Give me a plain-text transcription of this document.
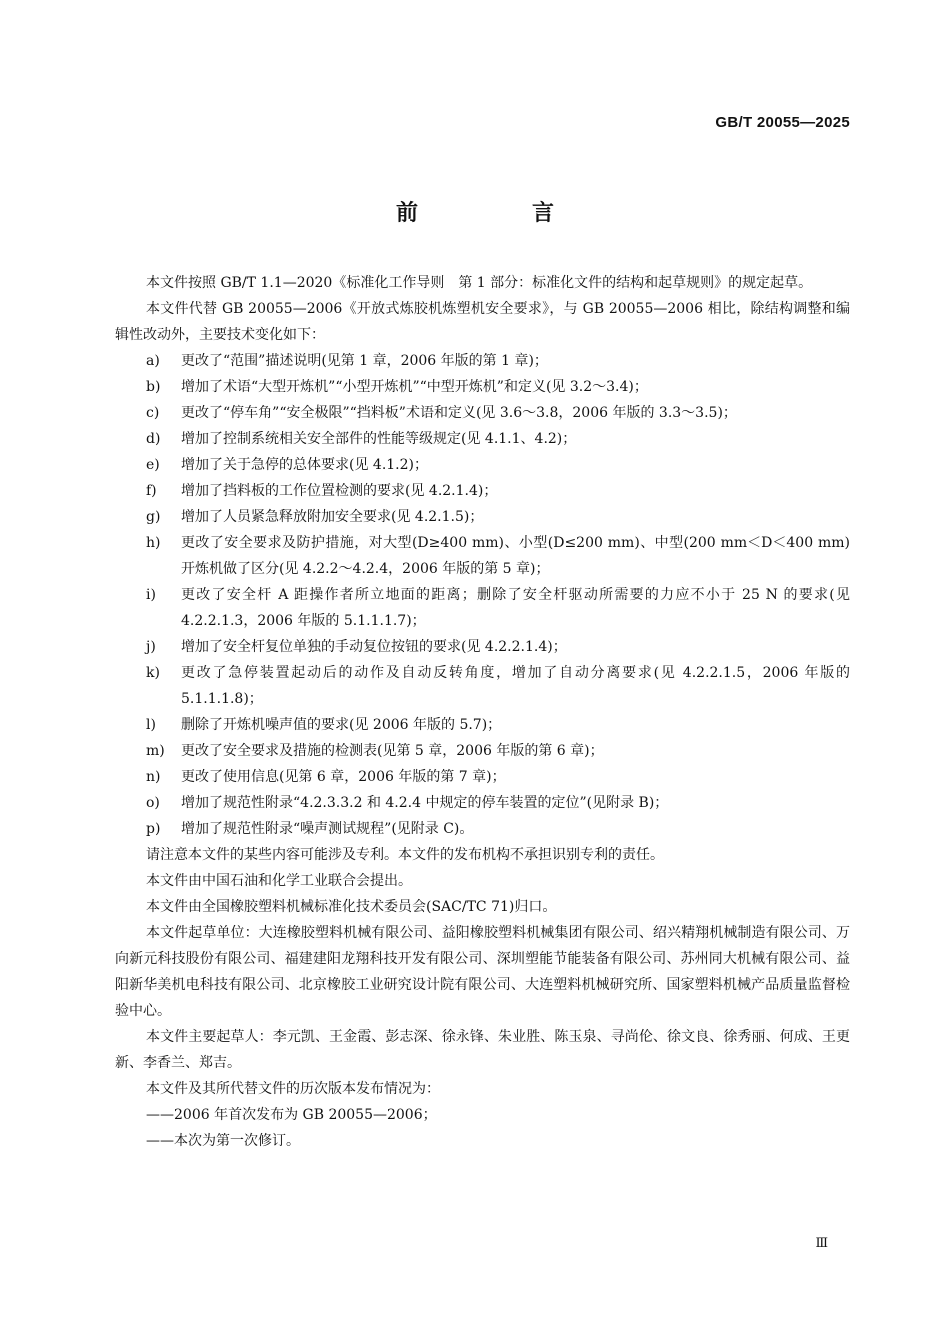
GB/T 20055—2025
前　言

本文件按照 GB/T 1.1—2020《标准化工作导则　第 1 部分：标准化文件的结构和起草规则》的规定起草。

本文件代替 GB 20055—2006《开放式炼胶机炼塑机安全要求》，与 GB 20055—2006 相比，除结构调整和编辑性改动外，主要技术变化如下：

a) 更改了“范围”描述说明(见第 1 章，2006 年版的第 1 章)；

b) 增加了术语“大型开炼机”“小型开炼机”“中型开炼机”和定义(见 3.2～3.4)；

c) 更改了“停车角”“安全极限”“挡料板”术语和定义(见 3.6～3.8，2006 年版的 3.3～3.5)；

d) 增加了控制系统相关安全部件的性能等级规定(见 4.1.1、4.2)；

e) 增加了关于急停的总体要求(见 4.1.2)；

f) 增加了挡料板的工作位置检测的要求(见 4.2.1.4)；

g) 增加了人员紧急释放附加安全要求(见 4.2.1.5)；

h) 更改了安全要求及防护措施，对大型(D≥400 mm)、小型(D≤200 mm)、中型(200 mm＜D＜400 mm)开炼机做了区分(见 4.2.2～4.2.4，2006 年版的第 5 章)；

i) 更改了安全杆 A 距操作者所立地面的距离；删除了安全杆驱动所需要的力应不小于 25 N 的要求(见 4.2.2.1.3，2006 年版的 5.1.1.1.7)；

j) 增加了安全杆复位单独的手动复位按钮的要求(见 4.2.2.1.4)；

k) 更改了急停装置起动后的动作及自动反转角度，增加了自动分离要求(见 4.2.2.1.5，2006 年版的 5.1.1.1.8)；

l) 删除了开炼机噪声值的要求(见 2006 年版的 5.7)；

m) 更改了安全要求及措施的检测表(见第 5 章，2006 年版的第 6 章)；

n) 更改了使用信息(见第 6 章，2006 年版的第 7 章)；

o) 增加了规范性附录“4.2.3.3.2 和 4.2.4 中规定的停车装置的定位”(见附录 B)；

p) 增加了规范性附录“噪声测试规程”(见附录 C)。

请注意本文件的某些内容可能涉及专利。本文件的发布机构不承担识别专利的责任。

本文件由中国石油和化学工业联合会提出。

本文件由全国橡胶塑料机械标准化技术委员会(SAC/TC 71)归口。

本文件起草单位：大连橡胶塑料机械有限公司、益阳橡胶塑料机械集团有限公司、绍兴精翔机械制造有限公司、万向新元科技股份有限公司、福建建阳龙翔科技开发有限公司、深圳塑能节能装备有限公司、苏州同大机械有限公司、益阳新华美机电科技有限公司、北京橡胶工业研究设计院有限公司、大连塑料机械研究所、国家塑料机械产品质量监督检验中心。

本文件主要起草人：李元凯、王金霞、彭志深、徐永锋、朱业胜、陈玉泉、寻尚伦、徐文良、徐秀丽、何成、王更新、李香兰、郑吉。

本文件及其所代替文件的历次版本发布情况为：

——2006 年首次发布为 GB 20055—2006；

——本次为第一次修订。

Ⅲ
